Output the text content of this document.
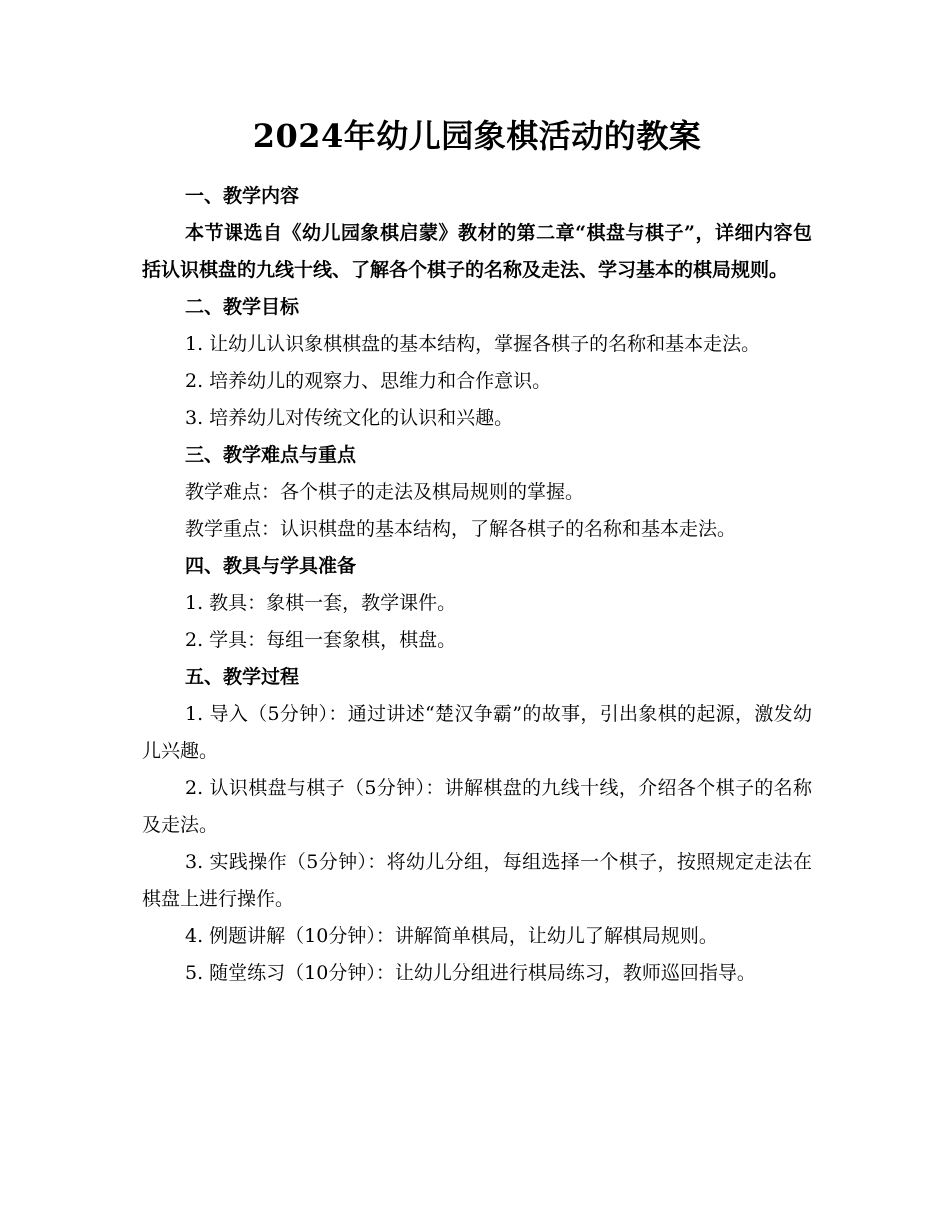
2024年幼儿园象棋活动的教案
一、教学内容

本节课选自《幼儿园象棋启蒙》教材的第二章“棋盘与棋子”，详细内容包括认识棋盘的九线十线、了解各个棋子的名称及走法、学习基本的棋局规则。

二、教学目标

1. 让幼儿认识象棋棋盘的基本结构，掌握各棋子的名称和基本走法。

2. 培养幼儿的观察力、思维力和合作意识。

3. 培养幼儿对传统文化的认识和兴趣。

三、教学难点与重点

教学难点：各个棋子的走法及棋局规则的掌握。

教学重点：认识棋盘的基本结构，了解各棋子的名称和基本走法。

四、教具与学具准备

1. 教具：象棋一套，教学课件。

2. 学具：每组一套象棋，棋盘。

五、教学过程

1. 导入（5分钟）：通过讲述“楚汉争霸”的故事，引出象棋的起源，激发幼儿兴趣。

2. 认识棋盘与棋子（5分钟）：讲解棋盘的九线十线，介绍各个棋子的名称及走法。

3. 实践操作（5分钟）：将幼儿分组，每组选择一个棋子，按照规定走法在棋盘上进行操作。

4. 例题讲解（10分钟）：讲解简单棋局，让幼儿了解棋局规则。

5. 随堂练习（10分钟）：让幼儿分组进行棋局练习，教师巡回指导。
